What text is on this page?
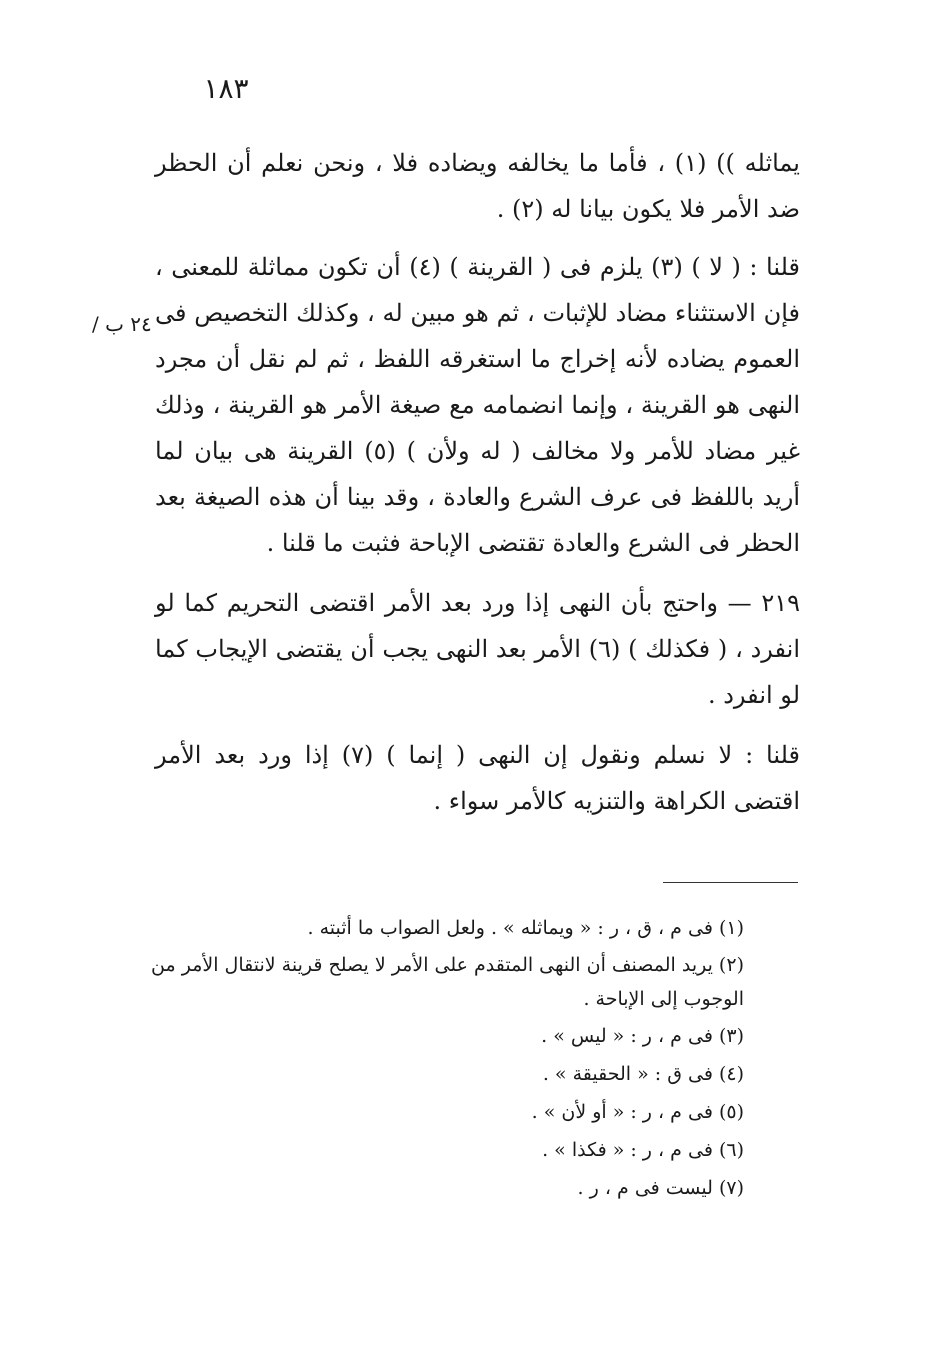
١٨٣
٢٤ ب /

يماثله )) (١) ، فأما ما يخالفه ويضاده فلا ، ونحن نعلم أن الحظر ضد الأمر فلا يكون بيانا له (٢) .

قلنا : ( لا ) (٣) يلزم فى ( القرينة ) (٤) أن تكون مماثلة للمعنى ، فإن الاستثناء مضاد للإثبات ، ثم هو مبين له ، وكذلك التخصيص فى العموم يضاده لأنه إخراج ما استغرقه اللفظ ، ثم لم نقل أن مجرد النهى هو القرينة ، وإنما انضمامه مع صيغة الأمر هو القرينة ، وذلك غير مضاد للأمر ولا مخالف ( له ولأن ) (٥) القرينة هى بيان لما أريد باللفظ فى عرف الشرع والعادة ، وقد بينا أن هذه الصيغة بعد الحظر فى الشرع والعادة تقتضى الإباحة فثبت ما قلنا .

٢١٩ — واحتج بأن النهى إذا ورد بعد الأمر اقتضى التحريم كما لو انفرد ، ( فكذلك ) (٦) الأمر بعد النهى يجب أن يقتضى الإيجاب كما لو انفرد .

قلنا : لا نسلم ونقول إن النهى ( إنما ) (٧) إذا ورد بعد الأمر اقتضى الكراهة والتنزيه كالأمر سواء .

(١) فى م ، ق ، ر : « ويماثله » . ولعل الصواب ما أثبته .
(٢) يريد المصنف أن النهى المتقدم على الأمر لا يصلح قرينة لانتقال الأمر من الوجوب إلى الإباحة .
(٣) فى م ، ر : « ليس » .
(٤) فى ق : « الحقيقة » .
(٥) فى م ، ر : « أو لأن » .
(٦) فى م ، ر : « فكذا » .
(٧) ليست فى م ، ر .
